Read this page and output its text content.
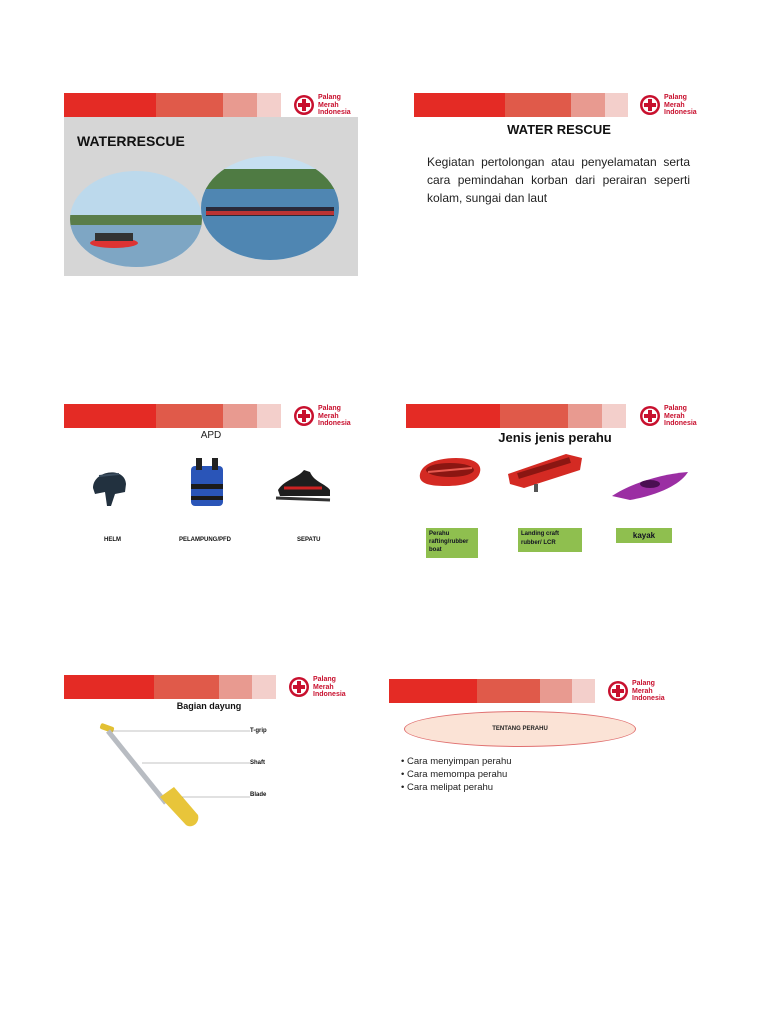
Palang
Merah
Indonesia
WATERRESCUE
Palang
Merah
Indonesia
WATER RESCUE
Kegiatan pertolongan atau penyelamatan serta cara pemindahan korban dari perairan seperti kolam, sungai dan laut
Palang
Merah
Indonesia
APD
HELM	PELAMPUNG/PFD	SEPATU
Palang
Merah
Indonesia
Jenis jenis perahu
Perahu rafting/rubber boat
Landing craft rubber/ LCR
kayak
Palang
Merah
Indonesia
Bagian dayung
T-grip
Shaft
Blade
Palang
Merah
Indonesia
TENTANG PERAHU
• Cara menyimpan perahu
• Cara memompa perahu
• Cara melipat perahu
